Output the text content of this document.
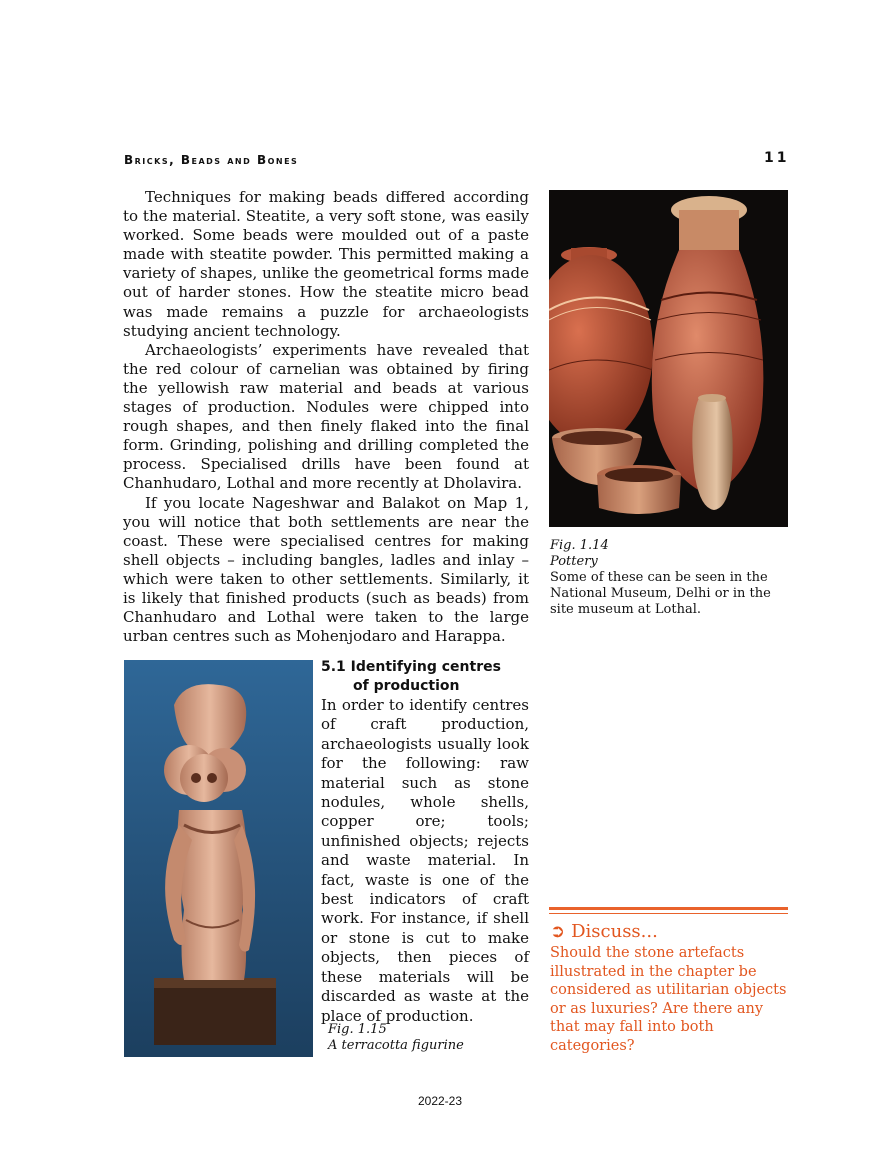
Bricks, Beads and Bones	11

Techniques for making beads differed according to the material. Steatite, a very soft stone, was easily worked. Some beads were moulded out of a paste made with steatite powder. This permitted making a variety of shapes, unlike the geometrical forms made out of harder stones. How the steatite micro bead was made remains a puzzle for archaeologists studying ancient technology.

Archaeologists’ experiments have revealed that the red colour of carnelian was obtained by firing the yellowish raw material and beads at various stages of production. Nodules were chipped into rough shapes, and then finely flaked into the final form. Grinding, polishing and drilling completed the process. Specialised drills have been found at Chanhudaro, Lothal and more recently at Dholavira.

If you locate Nageshwar and Balakot on Map 1, you will notice that both settlements are near the coast. These were specialised centres for making shell objects – including bangles, ladles and inlay – which were taken to other settlements. Similarly, it is likely that finished products (such as beads) from Chanhudaro and Lothal were taken to the large urban centres such as Mohenjodaro and Harappa.

Fig. 1.14
Pottery
Some of these can be seen in the National Museum, Delhi or in the site museum at Lothal.
5.1 Identifying centres
of production

In order to identify centres of craft production, archaeologists usually look for the following: raw material such as stone nodules, whole shells, copper ore; tools; unfinished objects; rejects and waste material. In fact, waste is one of the best indicators of craft work. For instance, if shell or stone is cut to make objects, then pieces of these materials will be discarded as waste at the place of production.

Fig. 1.15
A terracotta figurine
➲ Discuss...
Should the stone artefacts illustrated in the chapter be considered as utilitarian objects or as luxuries? Are there any that may fall into both categories?
2022-23
